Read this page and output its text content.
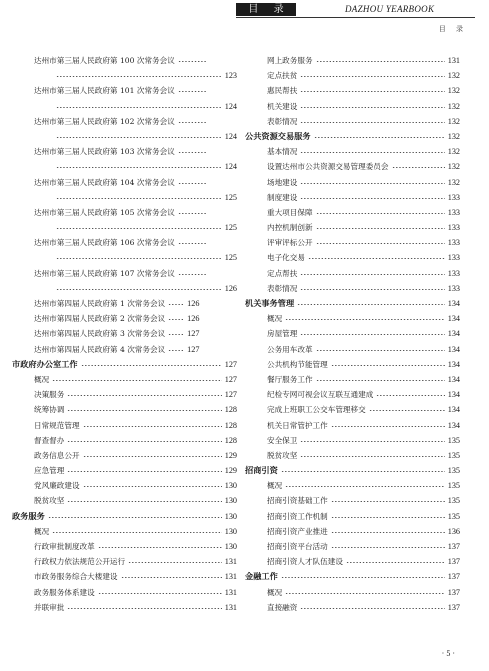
目 录	DAZHOU YEARBOOK
目 录
达州市第三届人民政府第 100 次常务会议
123
达州市第三届人民政府第 101 次常务会议
124
达州市第三届人民政府第 102 次常务会议
124
达州市第三届人民政府第 103 次常务会议
124
达州市第三届人民政府第 104 次常务会议
125
达州市第三届人民政府第 105 次常务会议
125
达州市第三届人民政府第 106 次常务会议
125
达州市第三届人民政府第 107 次常务会议
126
达州市第四届人民政府第 1 次常务会议	126
达州市第四届人民政府第 2 次常务会议	126
达州市第四届人民政府第 3 次常务会议	127
达州市第四届人民政府第 4 次常务会议	127
市政府办公室工作	127
概况	127
决策服务	127
统筹协调	128
日常规范管理	128
督查督办	128
政务信息公开	129
应急管理	129
党风廉政建设	130
脱贫攻坚	130
政务服务	130
概况	130
行政审批制度改革	130
行政权力依法规范公开运行	131
市政务服务综合大楼建设	131
政务服务体系建设	131
并联审批	131
网上政务服务	131
定点扶贫	132
惠民帮扶	132
机关建设	132
表彰情况	132
公共资源交易服务	132
基本情况	132
设置达州市公共资源交易管理委员会	132
场地建设	132
制度建设	133
重大项目保障	133
内控机制创新	133
评审评标公开	133
电子化交易	133
定点帮扶	133
表彰情况	133
机关事务管理	134
概况	134
房屋管理	134
公务用车改革	134
公共机构节能管理	134
餐厅服务工作	134
纪检专网可视会议互联互通建成	134
完成上班职工公交车管理移交	134
机关日常管护工作	134
安全保卫	135
脱贫攻坚	135
招商引资	135
概况	135
招商引资基础工作	135
招商引资工作机制	135
招商引资产业推进	136
招商引资平台活动	137
招商引资人才队伍建设	137
金融工作	137
概况	137
直接融资	137
· 5 ·
